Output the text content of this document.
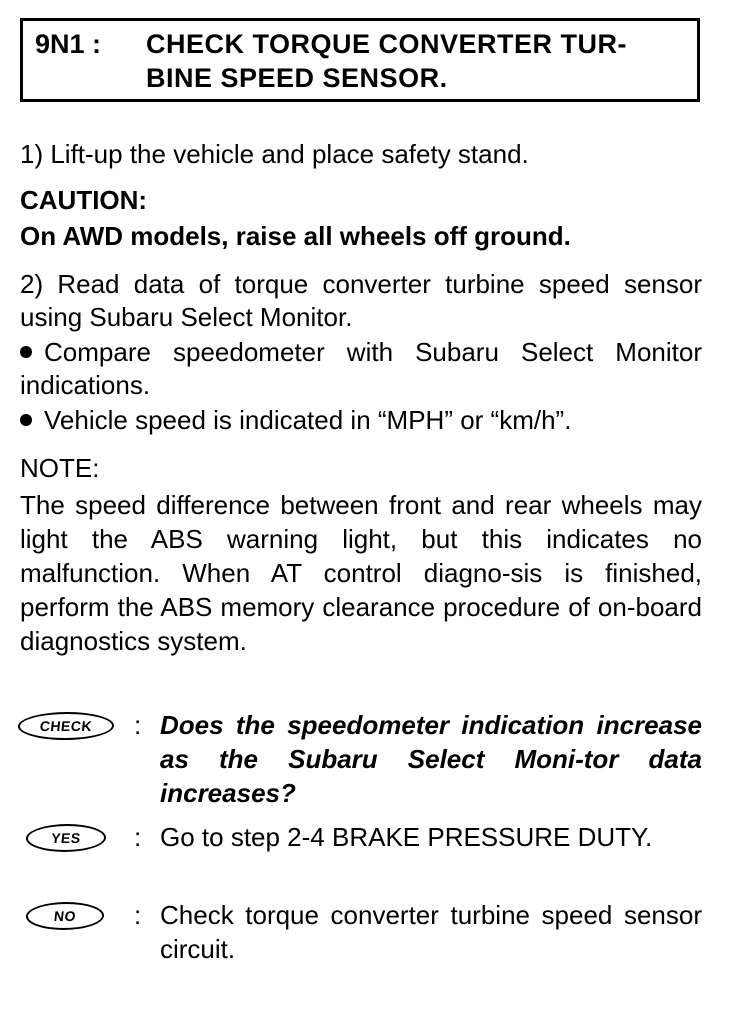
9N1 : CHECK TORQUE CONVERTER TUR-BINE SPEED SENSOR.

1) Lift-up the vehicle and place safety stand.

CAUTION:

On AWD models, raise all wheels off ground.

2) Read data of torque converter turbine speed sensor using Subaru Select Monitor.

Compare speedometer with Subaru Select Monitor indications.
Vehicle speed is indicated in “MPH” or “km/h”.

NOTE:

The speed difference between front and rear wheels may light the ABS warning light, but this indicates no malfunction. When AT control diagno-sis is finished, perform the ABS memory clearance procedure of on-board diagnostics system.
CHECK	: Does the speedometer indication increase as the Subaru Select Moni-tor data increases?
YES	: Go to step 2-4 BRAKE PRESSURE DUTY.
NO	: Check torque converter turbine speed sensor circuit.
